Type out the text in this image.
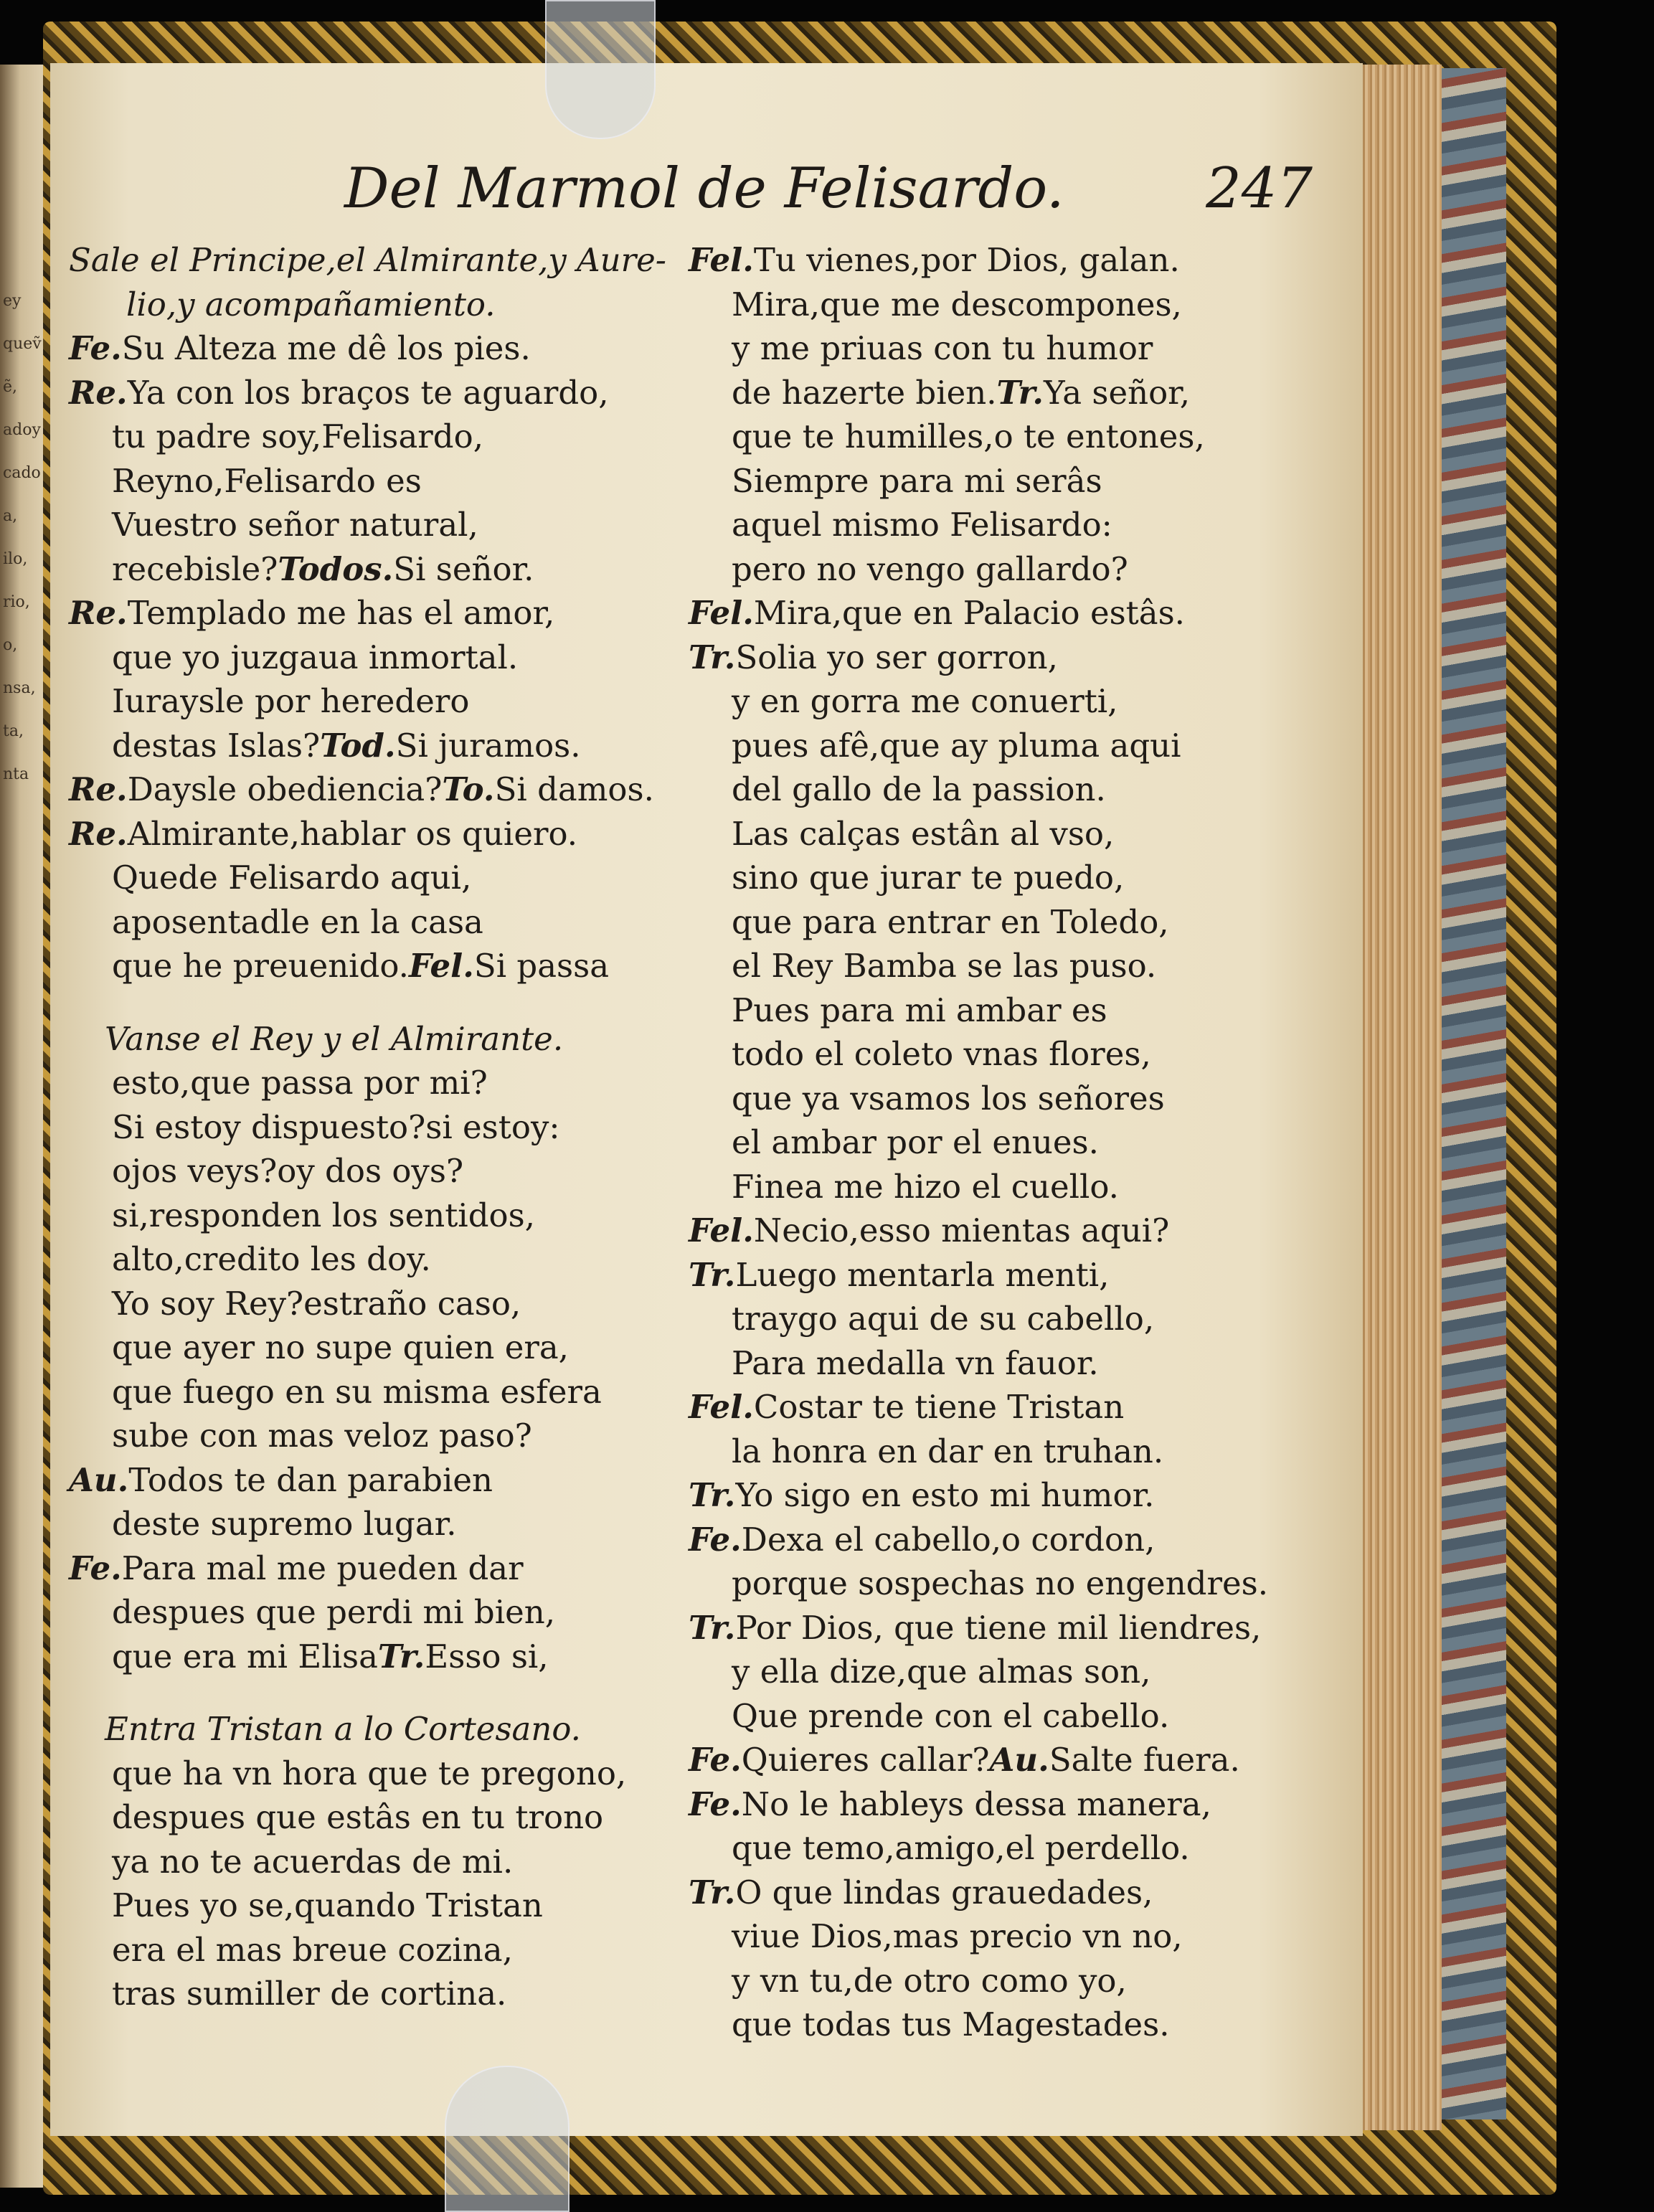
ey
queṽ
ẽ,
adoy
cado
a,
ilo,
rio,
o,
nsa,
ta,
nta
Del Marmol de Felisardo.	247
Sale el Principe,el Almirante,y Aure-
lio,y acompañamiento.
Fe.Su Alteza me dê los pies.
Re.Ya con los braços te aguardo,
tu padre soy,Felisardo,
Reyno,Felisardo es
Vuestro señor natural,
recebisle?Todos.Si señor.
Re.Templado me has el amor,
que yo juzgaua inmortal.
Iuraysle por heredero
destas Islas?Tod.Si juramos.
Re.Daysle obediencia?To.Si damos.
Re.Almirante,hablar os quiero.
Quede Felisardo aqui,
aposentadle en la casa
que he preuenido.Fel.Si passa
Vanse el Rey y el Almirante.
esto,que passa por mi?
Si estoy dispuesto?si estoy:
ojos veys?oy dos oys?
si,responden los sentidos,
alto,credito les doy.
Yo soy Rey?estraño caso,
que ayer no supe quien era,
que fuego en su misma esfera
sube con mas veloz paso?
Au.Todos te dan parabien
deste supremo lugar.
Fe.Para mal me pueden dar
despues que perdi mi bien,
que era mi ElisaTr.Esso si,
Entra Tristan a lo Cortesano.
que ha vn hora que te pregono,
despues que estâs en tu trono
ya no te acuerdas de mi.
Pues yo se,quando Tristan
era el mas breue cozina,
tras sumiller de cortina.
Fel.Tu vienes,por Dios, galan.
Mira,que me descompones,
y me priuas con tu humor
de hazerte bien.Tr.Ya señor,
que te humilles,o te entones,
Siempre para mi serâs
aquel mismo Felisardo:
pero no vengo gallardo?
Fel.Mira,que en Palacio estâs.
Tr.Solia yo ser gorron,
y en gorra me conuerti,
pues afê,que ay pluma aqui
del gallo de la passion.
Las calças estân al vso,
sino que jurar te puedo,
que para entrar en Toledo,
el Rey Bamba se las puso.
Pues para mi ambar es
todo el coleto vnas flores,
que ya vsamos los señores
el ambar por el enues.
Finea me hizo el cuello.
Fel.Necio,esso mientas aqui?
Tr.Luego mentarla menti,
traygo aqui de su cabello,
Para medalla vn fauor.
Fel.Costar te tiene Tristan
la honra en dar en truhan.
Tr.Yo sigo en esto mi humor.
Fe.Dexa el cabello,o cordon,
porque sospechas no engendres.
Tr.Por Dios, que tiene mil liendres,
y ella dize,que almas son,
Que prende con el cabello.
Fe.Quieres callar?Au.Salte fuera.
Fe.No le hableys dessa manera,
que temo,amigo,el perdello.
Tr.O que lindas grauedades,
viue Dios,mas precio vn no,
y vn tu,de otro como yo,
que todas tus Magestades.
